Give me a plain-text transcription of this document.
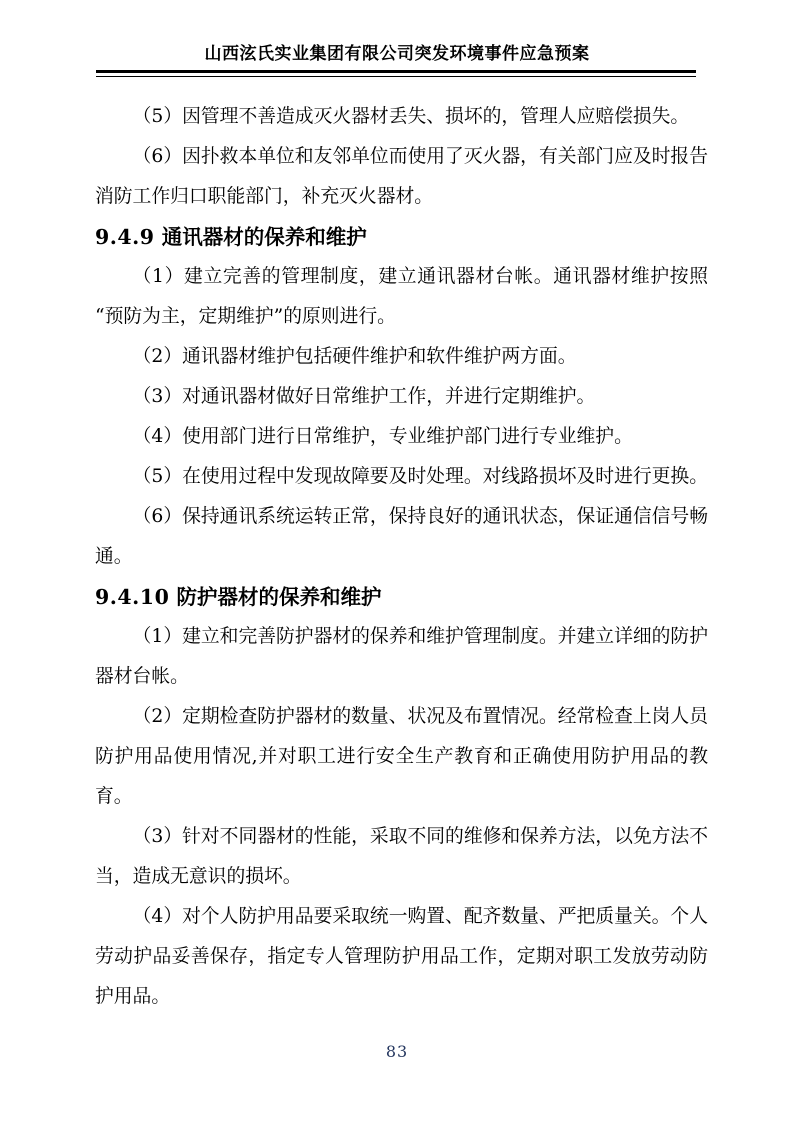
山西泫氏实业集团有限公司突发环境事件应急预案

（5）因管理不善造成灭火器材丢失、损坏的，管理人应赔偿损失。

（6）因扑救本单位和友邻单位而使用了灭火器，有关部门应及时报告消防工作归口职能部门，补充灭火器材。

9.4.9 通讯器材的保养和维护

（1）建立完善的管理制度，建立通讯器材台帐。通讯器材维护按照“预防为主，定期维护”的原则进行。

（2）通讯器材维护包括硬件维护和软件维护两方面。

（3）对通讯器材做好日常维护工作，并进行定期维护。

（4）使用部门进行日常维护，专业维护部门进行专业维护。

（5）在使用过程中发现故障要及时处理。对线路损坏及时进行更换。

（6）保持通讯系统运转正常，保持良好的通讯状态，保证通信信号畅通。

9.4.10 防护器材的保养和维护

（1）建立和完善防护器材的保养和维护管理制度。并建立详细的防护器材台帐。

（2）定期检查防护器材的数量、状况及布置情况。经常检查上岗人员防护用品使用情况,并对职工进行安全生产教育和正确使用防护用品的教育。

（3）针对不同器材的性能，采取不同的维修和保养方法，以免方法不当，造成无意识的损坏。

（4）对个人防护用品要采取统一购置、配齐数量、严把质量关。个人劳动护品妥善保存，指定专人管理防护用品工作，定期对职工发放劳动防护用品。

83
